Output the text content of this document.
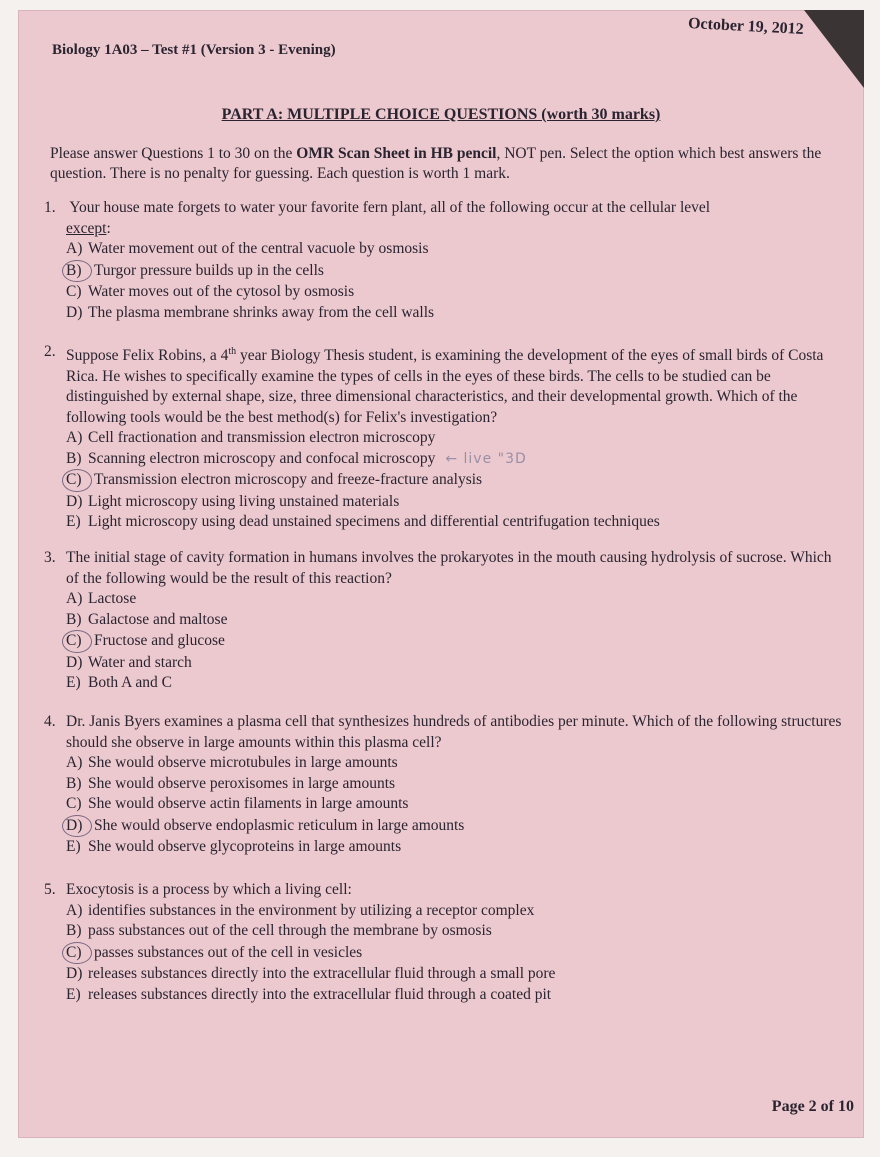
October 19, 2012
Biology 1A03 – Test #1 (Version 3 - Evening)
PART A: MULTIPLE CHOICE QUESTIONS (worth 30 marks)
Please answer Questions 1 to 30 on the OMR Scan Sheet in HB pencil, NOT pen. Select the option which best answers the question. There is no penalty for guessing. Each question is worth 1 mark.
1. Your house mate forgets to water your favorite fern plant, all of the following occur at the cellular level
except:
A) Water movement out of the central vacuole by osmosis
B) Turgor pressure builds up in the cells
C) Water moves out of the cytosol by osmosis
D) The plasma membrane shrinks away from the cell walls
2. Suppose Felix Robins, a 4th year Biology Thesis student, is examining the development of the eyes of small birds of Costa Rica. He wishes to specifically examine the types of cells in the eyes of these birds. The cells to be studied can be distinguished by external shape, size, three dimensional characteristics, and their developmental growth. Which of the following tools would be the best method(s) for Felix's investigation?
A) Cell fractionation and transmission electron microscopy
B) Scanning electron microscopy and confocal microscopy ← live "3D
C) Transmission electron microscopy and freeze-fracture analysis
D) Light microscopy using living unstained materials
E) Light microscopy using dead unstained specimens and differential centrifugation techniques
3. The initial stage of cavity formation in humans involves the prokaryotes in the mouth causing hydrolysis of sucrose. Which of the following would be the result of this reaction?
A) Lactose
B) Galactose and maltose
C) Fructose and glucose
D) Water and starch
E) Both A and C
4. Dr. Janis Byers examines a plasma cell that synthesizes hundreds of antibodies per minute. Which of the following structures should she observe in large amounts within this plasma cell?
A) She would observe microtubules in large amounts
B) She would observe peroxisomes in large amounts
C) She would observe actin filaments in large amounts
D) She would observe endoplasmic reticulum in large amounts
E) She would observe glycoproteins in large amounts
5. Exocytosis is a process by which a living cell:
A) identifies substances in the environment by utilizing a receptor complex
B) pass substances out of the cell through the membrane by osmosis
C) passes substances out of the cell in vesicles
D) releases substances directly into the extracellular fluid through a small pore
E) releases substances directly into the extracellular fluid through a coated pit
Page 2 of 10
